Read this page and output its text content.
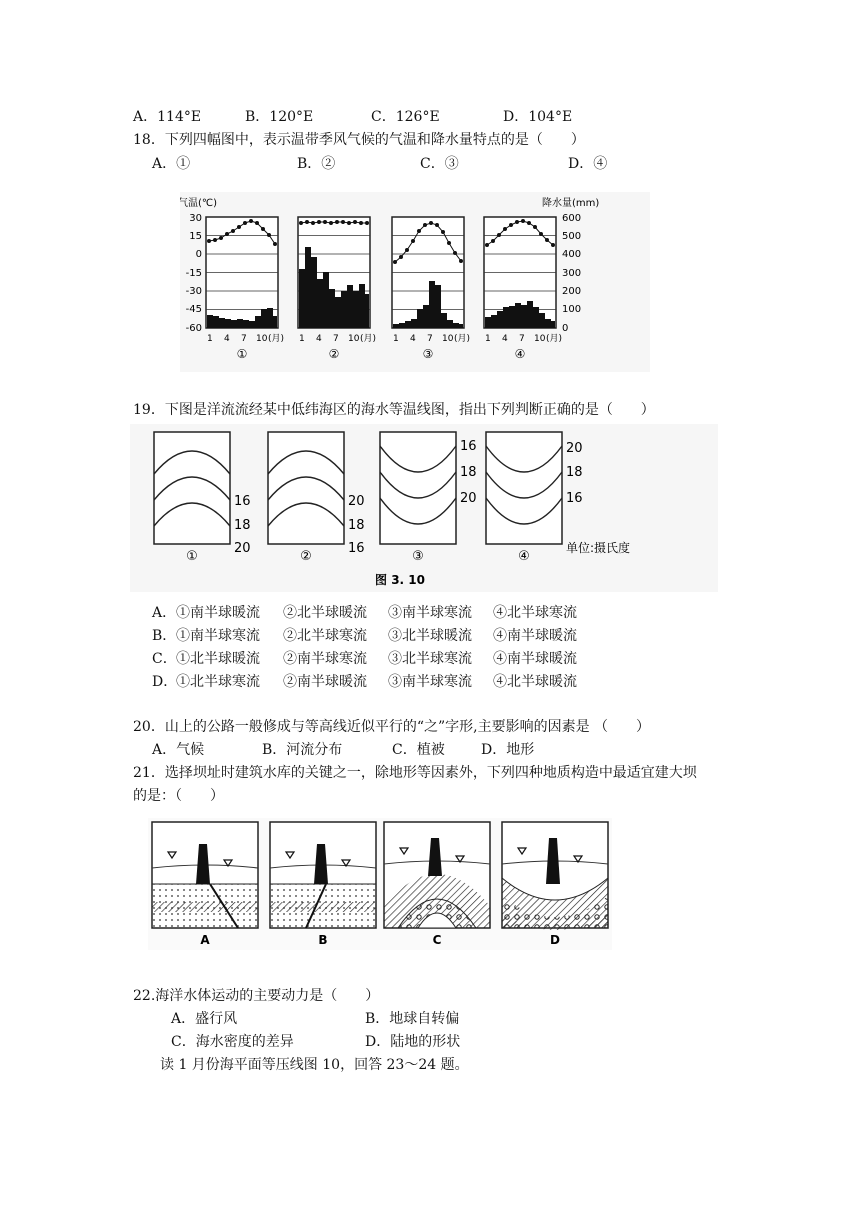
A．114°E	B．120°E	C．126°E	D．104°E
18．下列四幅图中，表示温带季风气候的气温和降水量特点的是（　　）
A．①	B．②	C．③	D．④
气温(℃)	降水量(mm)
30
15
0
-15
-30
-45
-60
600
500
400
300
200
100
0
1 4 7 10 (月) 1 4 7 10 (月) 1 4 7 10 (月) 1 4 7 10 (月)
①	②	③	④
19．下图是洋流流经某中低纬海区的海水等温线图，指出下列判断正确的是（　　）
16
18
20
20
18
16
16
18
20
20
18
16
单位:摄氏度
①	②	③	④
图 3. 10
A． ①南半球暖流 ②北半球暖流 ③南半球寒流 ④北半球寒流
B． ①南半球寒流 ②北半球寒流 ③北半球暖流 ④南半球暖流
C． ①北半球暖流 ②南半球寒流 ③北半球寒流 ④南半球暖流
D．
①北半球寒流 ②南半球暖流 ③南半球寒流 ④北半球暖流
20．山上的公路一般修成与等高线近似平行的“之”字形,主要影响的因素是 （　　）
A．气候	B．河流分布	C．植被	D．地形
21．选择坝址时建筑水库的关键之一，除地形等因素外，下列四种地质构造中最适宜建大坝
的是：（　　）
A	B	C	D
22.海洋水体运动的主要动力是（　　）
A．盛行风	B．地球自转偏
C．海水密度的差异	D．陆地的形状
读 1 月份海平面等压线图 10，回答 23～24 题。
